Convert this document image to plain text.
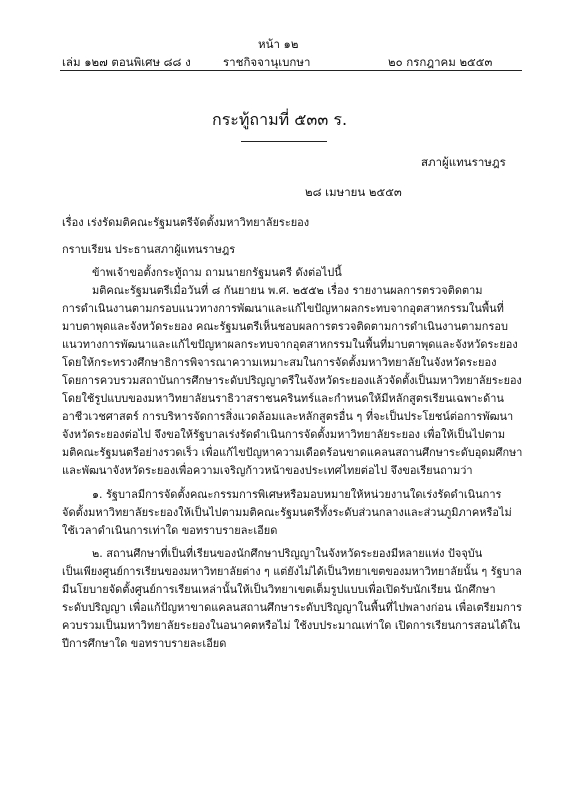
หน้า ๑๒
เล่ม ๑๒๗ ตอนพิเศษ ๘๘ ง	ราชกิจจานุเบกษา	๒๐ กรกฎาคม ๒๕๕๓
กระทู้ถามที่ ๕๓๓ ร.
สภาผู้แทนราษฎร
๒๘ เมษายน ๒๕๕๓
เรื่อง เร่งรัดมติคณะรัฐมนตรีจัดตั้งมหาวิทยาลัยระยอง
กราบเรียน ประธานสภาผู้แทนราษฎร
ข้าพเจ้าขอตั้งกระทู้ถาม ถามนายกรัฐมนตรี ดังต่อไปนี้
มติคณะรัฐมนตรีเมื่อวันที่ ๘ กันยายน พ.ศ. ๒๕๕๒ เรื่อง รายงานผลการตรวจติดตาม
การดำเนินงานตามกรอบแนวทางการพัฒนาและแก้ไขปัญหาผลกระทบจากอุตสาหกรรมในพื้นที่
มาบตาพุดและจังหวัดระยอง คณะรัฐมนตรีเห็นชอบผลการตรวจติดตามการดำเนินงานตามกรอบ
แนวทางการพัฒนาและแก้ไขปัญหาผลกระทบจากอุตสาหกรรมในพื้นที่มาบตาพุดและจังหวัดระยอง
โดยให้กระทรวงศึกษาธิการพิจารณาความเหมาะสมในการจัดตั้งมหาวิทยาลัยในจังหวัดระยอง
โดยการควบรวมสถาบันการศึกษาระดับปริญญาตรีในจังหวัดระยองแล้วจัดตั้งเป็นมหาวิทยาลัยระยอง
โดยใช้รูปแบบของมหาวิทยาลัยนราธิวาสราชนครินทร์และกำหนดให้มีหลักสูตรเรียนเฉพาะด้าน
อาชีวเวชศาสตร์ การบริหารจัดการสิ่งแวดล้อมและหลักสูตรอื่น ๆ ที่จะเป็นประโยชน์ต่อการพัฒนา
จังหวัดระยองต่อไป จึงขอให้รัฐบาลเร่งรัดดำเนินการจัดตั้งมหาวิทยาลัยระยอง เพื่อให้เป็นไปตาม
มติคณะรัฐมนตรีอย่างรวดเร็ว เพื่อแก้ไขปัญหาความเดือดร้อนขาดแคลนสถานศึกษาระดับอุดมศึกษา
และพัฒนาจังหวัดระยองเพื่อความเจริญก้าวหน้าของประเทศไทยต่อไป จึงขอเรียนถามว่า
๑. รัฐบาลมีการจัดตั้งคณะกรรมการพิเศษหรือมอบหมายให้หน่วยงานใดเร่งรัดดำเนินการ
จัดตั้งมหาวิทยาลัยระยองให้เป็นไปตามมติคณะรัฐมนตรีทั้งระดับส่วนกลางและส่วนภูมิภาคหรือไม่
ใช้เวลาดำเนินการเท่าใด ขอทราบรายละเอียด
๒. สถานศึกษาที่เป็นที่เรียนของนักศึกษาปริญญาในจังหวัดระยองมีหลายแห่ง ปัจจุบัน
เป็นเพียงศูนย์การเรียนของมหาวิทยาลัยต่าง ๆ แต่ยังไม่ได้เป็นวิทยาเขตของมหาวิทยาลัยนั้น ๆ รัฐบาล
มีนโยบายจัดตั้งศูนย์การเรียนเหล่านั้นให้เป็นวิทยาเขตเต็มรูปแบบเพื่อเปิดรับนักเรียน นักศึกษา
ระดับปริญญา เพื่อแก้ปัญหาขาดแคลนสถานศึกษาระดับปริญญาในพื้นที่ไปพลางก่อน เพื่อเตรียมการ
ควบรวมเป็นมหาวิทยาลัยระยองในอนาคตหรือไม่ ใช้งบประมาณเท่าใด เปิดการเรียนการสอนได้ใน
ปีการศึกษาใด ขอทราบรายละเอียด
